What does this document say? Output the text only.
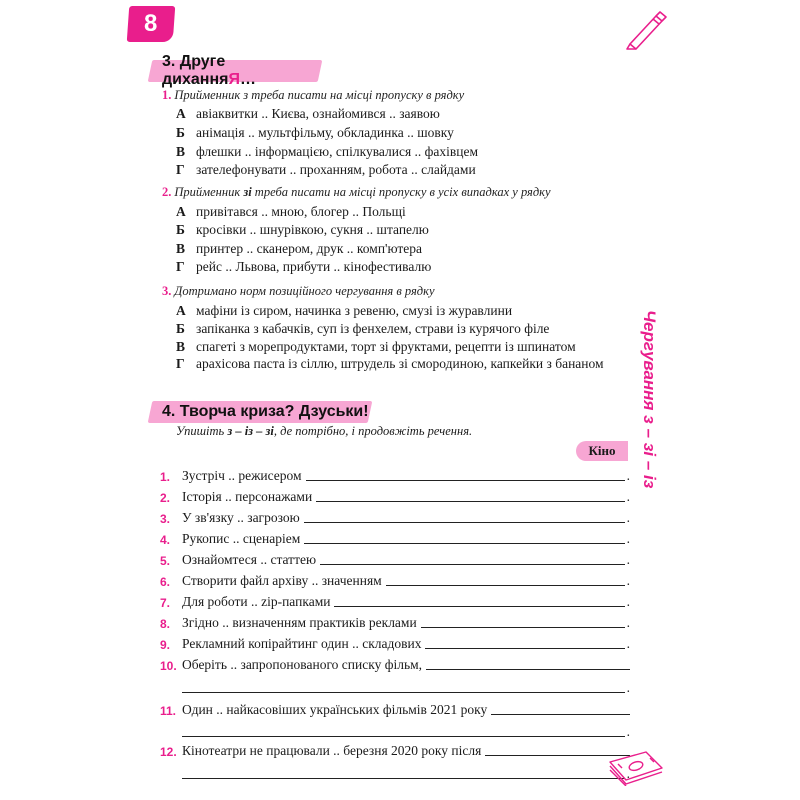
8
3. Друге диханняЯ…
1. Прийменник з треба писати на місці пропуску в рядку
А авіаквитки .. Києва, ознайомився .. заявою
Б анімація .. мультфільму, обкладинка .. шовку
В флешки .. інформацією, спілкувалися .. фахівцем
Г зателефонувати .. проханням, робота .. слайдами
2. Прийменник зі треба писати на місці пропуску в усіх випадках у рядку
А привітався .. мною, блогер .. Польщі
Б кросівки .. шнурівкою, сукня .. штапелю
В принтер .. сканером, друк .. комп'ютера
Г рейс .. Львова, прибути .. кінофестивалю
3. Дотримано норм позиційного чергування в рядку
А мафіни із сиром, начинка з ревеню, смузі із журавлини
Б запіканка з кабачків, суп із фенхелем, страви із курячого філе
В спагеті з морепродуктами, торт зі фруктами, рецепти із шпинатом
Г арахісова паста із сіллю, штрудель зі смородиною, капкейки з бананом Чергування з – зі – із
4. Творча криза? Дзуськи!
Упишіть з – із – зі, де потрібно, і продовжіть речення.
Кіно
1. Зустріч .. режисером	.
2. Історія .. персонажами	.
3. У зв'язку .. загрозою	.
4. Рукопис .. сценаріем	.
5. Ознайомтеся .. статтею	.
6. Створити файл архіву .. значенням	.
7. Для роботи .. zip-папками	.
8. Згідно .. визначенням практиків реклами	.
9. Рекламний копірайтинг один .. складових	.
10. Оберіть .. запропонованого списку фільм,
.
11. Один .. найкасовіших українських фільмів 2021 року
.
12. Кінотеатри не працювали .. березня 2020 року після
.
